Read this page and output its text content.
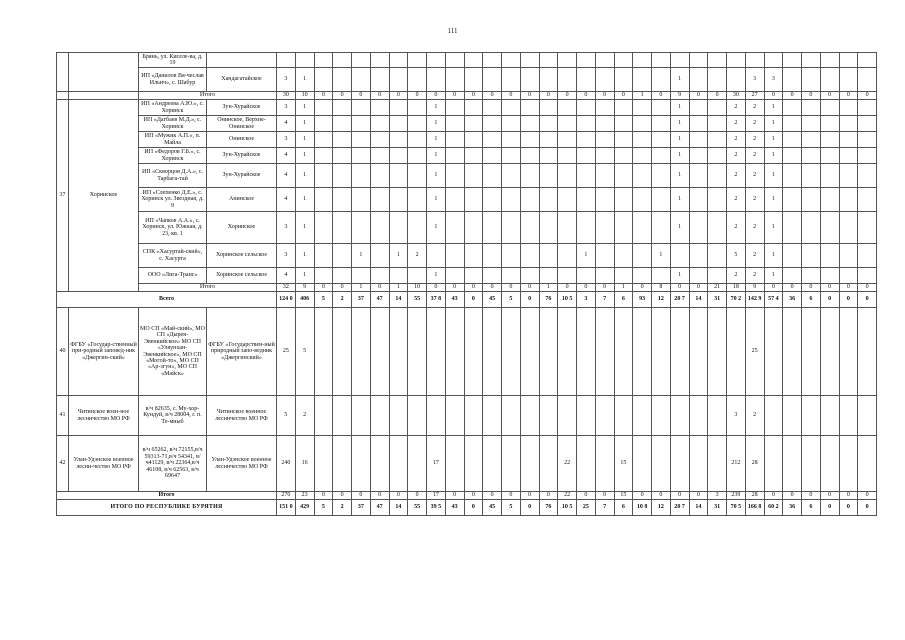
111
		Брянь, ул. Киселе-ва, д. 19																																		
		ИП «Данилов Вя-чеслав Ильич», с. Шабур	Хандагатайское	3	1																				1				3	3							
		Итого		30	10	0	0	0	0	0	0	0	0	0	0	0	0	0	0	0	0	0	1	0	9	0	0	30	27	0	0	0	0	0	0	
37	Хоринское	ИП «Андреева А.Ю.», с. Хоринск	Зун-Хурайское	3	1							1													1			2	2	1						
		ИП «Дагбаев М.Д.», с. Хоринск	Онинское, Верхне-Онинское	4	1							1													1			2	2	1						
		ИП «Мужик А.П.», п. Майла	Онинское	3	1							1													1			2	2	1						
		ИП «Федоров Г.Б.», с. Хоринск	Зун-Хурайское	4	1							1													1			2	2	1						
		ИП «Скворцов Д.А.», с. Тарбага-тай	Зун-Хурайское	4	1							1													1			2	2	1						
		ИП «Слепенко Д.Е.», с. Хоринск ул. Звездная, д. 9	Анинское	4	1							1													1			2	2	1						
		ИП «Чапков А.А.», с. Хоринск, ул. Южная, д. 23, кв. 1	Хоринское	3	1							1													1			2	2	1						
		СПК «Хасуртай-ский», с. Хасурта	Хоринское сельское	3	1			1		1	2									1				1				5	2	1						
		ООО «Лига-Транс»	Хоринское сельское	4	1							1													1			2	2	1						
		Итого		32	9	0	0	1	0	1	10	0	0	0	0	0	0	1	0	0	0	1	0	8	0	0	21	18	9	0	0	0	0	0	0	
Всего				124 0	406	5	2	37	47	14	55	37 8	43	0	45	5	0	76	10 5	3	7	6	93	12	20 7	14	31	70 2	142 9	57 4	36	6	0	0	0	
40	ФГБУ «Государ-ственный при-родный заповед-ник «Джергин-ский»	МО СП «Май-ский», МО СП «Дырен-Эвенкийское» МО СП «Уляунхан-Эвенкийское», МО СП «Могой-то», МО СП «Ар-згун», МО СП «Майск»	ФГБУ «Государствен-ный природный запо-ведник «Джергинский»	25	5																								25							
41	Читинское воен-ное лесничество МО РФ	в/ч 82635, с. Му-хор-Кундуй, в/ч 28004, г. п. Те-мныб	Читинское военное лесничество МО РФ	5	2																							3	2							
42	Улан-Удэнское военное лесни-чество МО РФ	в/ч 65262, в/ч 72155,в/ч 59313-71,в/ч 54341, в/ч41129, в/ч 22364,в/ч 46108, в/ч 62563, в/ч 69647	Улан-Удэнское военное лесничество МО РФ	240	16							17							22			15						212	28							
Итого				270	23	0	0	0	0	0	0	17	0	0	0	0	0	0	22	0	0	15	0	0	0	0	3	239	28	0	0	0	0	0	0	
ИТОГО ПО РЕСПУБЛИКЕ БУРЯТИЯ				151 0	429	5	2	37	47	14	55	39 5	43	0	45	5	0	76	10 5	25	7	6	10 8	12	20 7	14	31	70 5	166 8	60 2	36	6	0	0	0	
